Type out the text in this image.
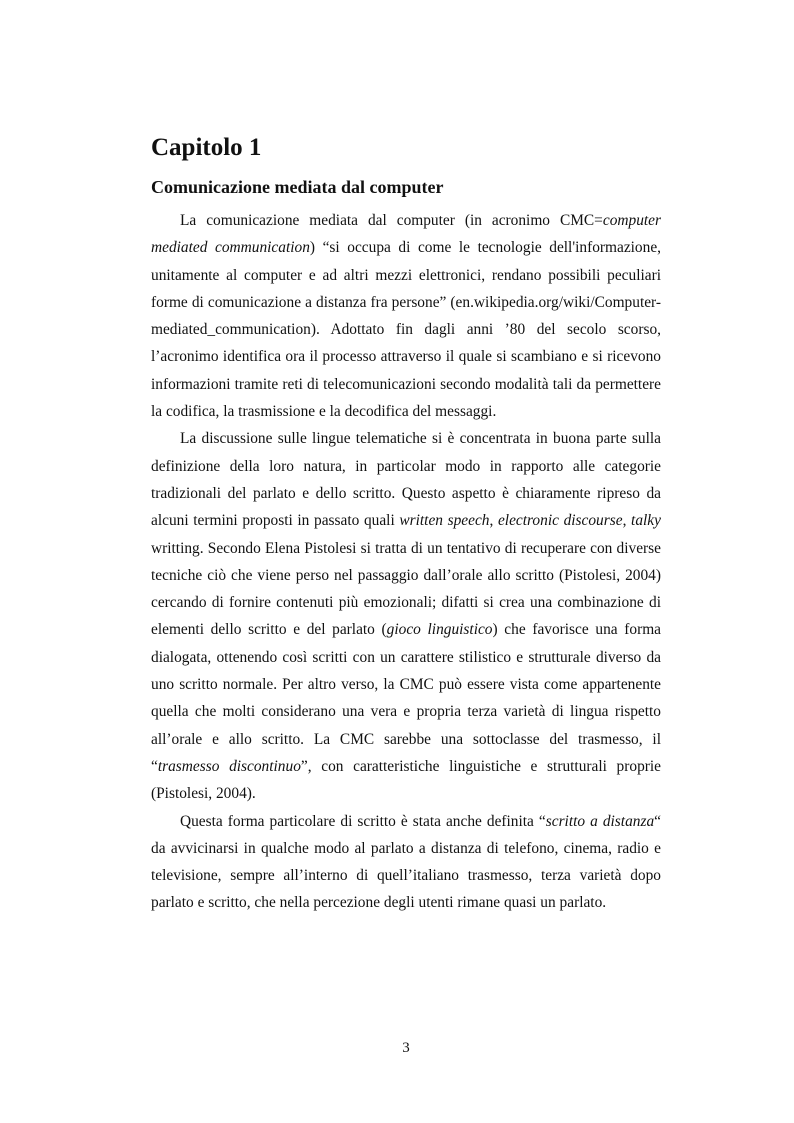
Capitolo 1
Comunicazione mediata dal computer

La comunicazione mediata dal computer (in acronimo CMC=computer mediated communication) “si occupa di come le tecnologie dell'informazione, unitamente al computer e ad altri mezzi elettronici, rendano possibili peculiari forme di comunicazione a distanza fra persone” (en.wikipedia.org/wiki/Computer-mediated_communication). Adottato fin dagli anni ’80 del secolo scorso, l’acronimo identifica ora il processo attraverso il quale si scambiano e si ricevono informazioni tramite reti di telecomunicazioni secondo modalità tali da permettere la codifica, la trasmissione e la decodifica del messaggi.

La discussione sulle lingue telematiche si è concentrata in buona parte sulla definizione della loro natura, in particolar modo in rapporto alle categorie tradizionali del parlato e dello scritto. Questo aspetto è chiaramente ripreso da alcuni termini proposti in passato quali written speech, electronic discourse, talky writting. Secondo Elena Pistolesi si tratta di un tentativo di recuperare con diverse tecniche ciò che viene perso nel passaggio dall’orale allo scritto (Pistolesi, 2004) cercando di fornire contenuti più emozionali; difatti si crea una combinazione di elementi dello scritto e del parlato (gioco linguistico) che favorisce una forma dialogata, ottenendo così scritti con un carattere stilistico e strutturale diverso da uno scritto normale. Per altro verso, la CMC può essere vista come appartenente quella che molti considerano una vera e propria terza varietà di lingua rispetto all’orale e allo scritto. La CMC sarebbe una sottoclasse del trasmesso, il “trasmesso discontinuo”, con caratteristiche linguistiche e strutturali proprie (Pistolesi, 2004).

Questa forma particolare di scritto è stata anche definita “scritto a distanza“ da avvicinarsi in qualche modo al parlato a distanza di telefono, cinema, radio e televisione, sempre all’interno di quell’italiano trasmesso, terza varietà dopo parlato e scritto, che nella percezione degli utenti rimane quasi un parlato.

3
